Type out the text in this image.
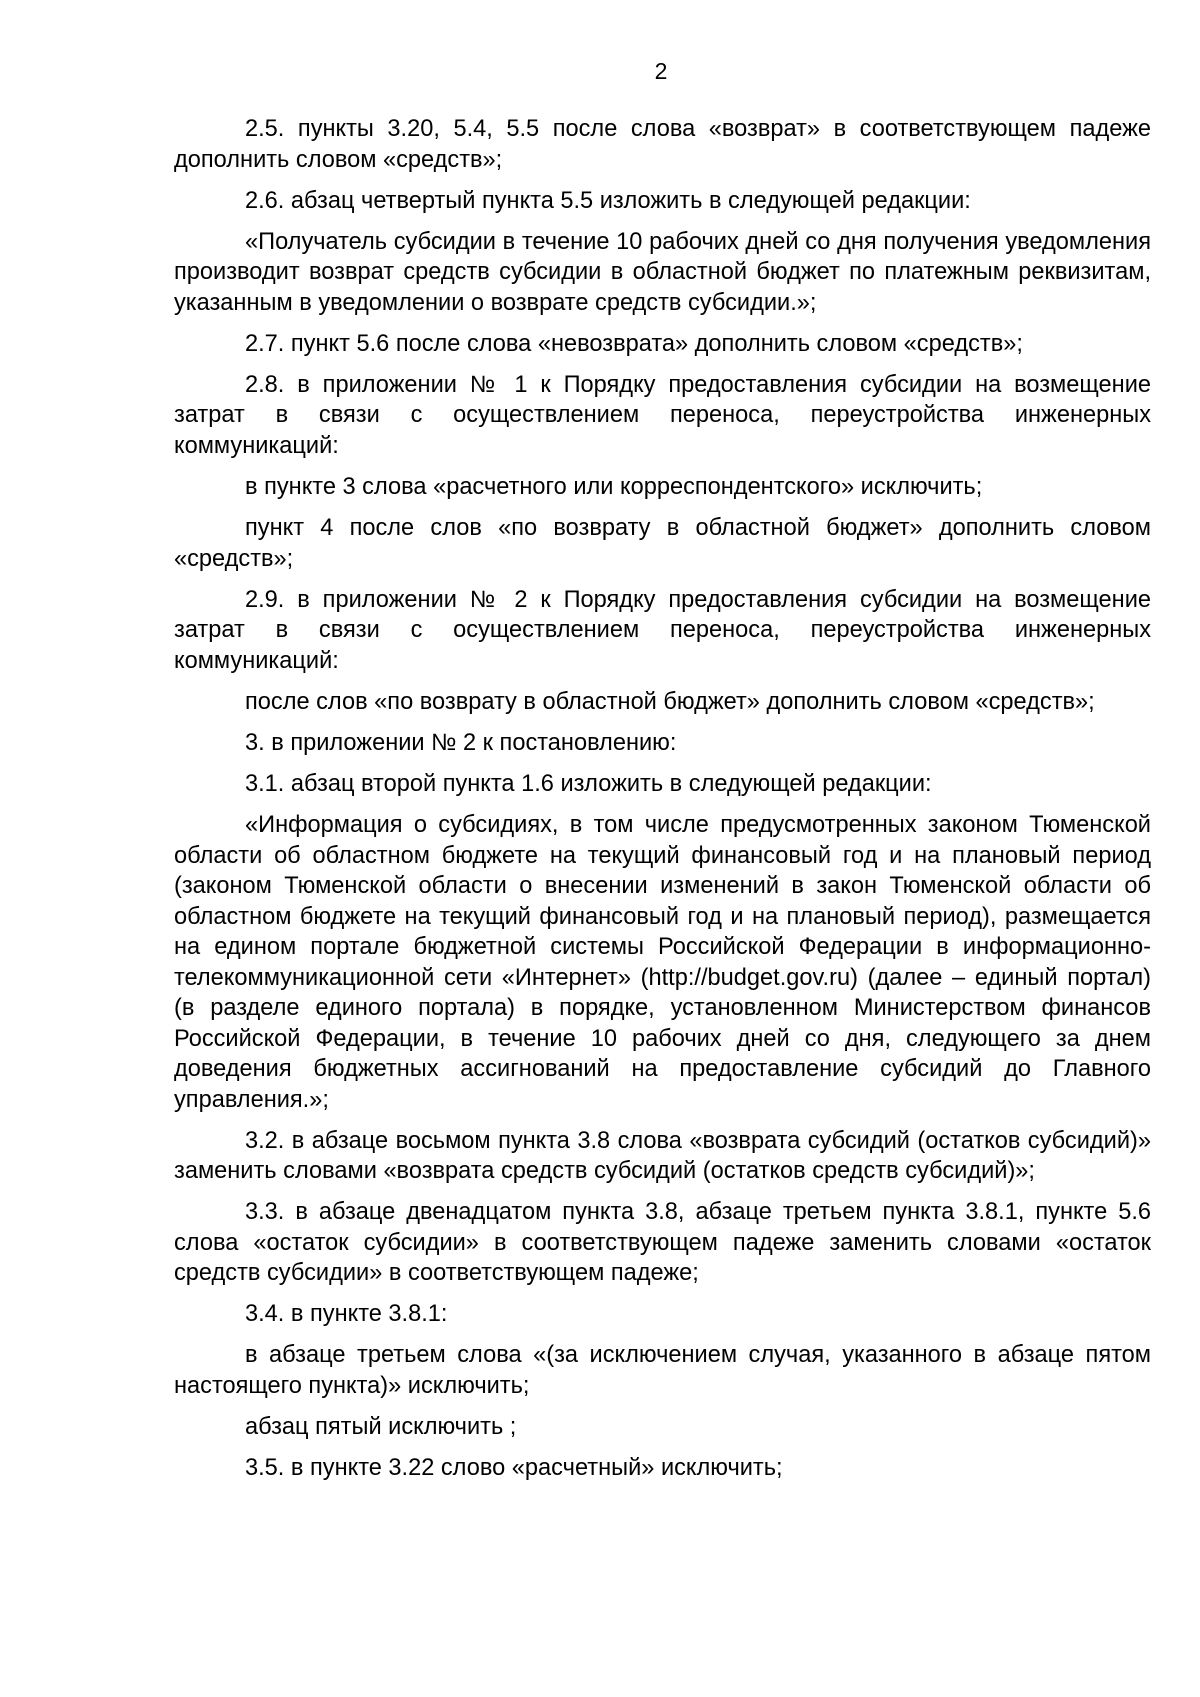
2

2.5. пункты 3.20, 5.4, 5.5 после слова «возврат» в соответствующем падеже дополнить словом «средств»;

2.6. абзац четвертый пункта 5.5 изложить в следующей редакции:

«Получатель субсидии в течение 10 рабочих дней со дня получения уведомления производит возврат средств субсидии в областной бюджет по платежным реквизитам, указанным в уведомлении о возврате средств субсидии.»;

2.7. пункт 5.6 после слова «невозврата» дополнить словом «средств»;

2.8. в приложении № 1 к Порядку предоставления субсидии на возмещение затрат в связи с осуществлением переноса, переустройства инженерных коммуникаций:

в пункте 3 слова «расчетного или корреспондентского» исключить;

пункт 4 после слов «по возврату в областной бюджет» дополнить словом «средств»;

2.9. в приложении № 2 к Порядку предоставления субсидии на возмещение затрат в связи с осуществлением переноса, переустройства инженерных коммуникаций:

после слов «по возврату в областной бюджет» дополнить словом «средств»;

3. в приложении № 2 к постановлению:

3.1. абзац второй пункта 1.6 изложить в следующей редакции:

«Информация о субсидиях, в том числе предусмотренных законом Тюменской области об областном бюджете на текущий финансовый год и на плановый период (законом Тюменской области о внесении изменений в закон Тюменской области об областном бюджете на текущий финансовый год и на плановый период), размещается на едином портале бюджетной системы Российской Федерации в информационно-телекоммуникационной сети «Интернет» (http://budget.gov.ru) (далее – единый портал) (в разделе единого портала) в порядке, установленном Министерством финансов Российской Федерации, в течение 10 рабочих дней со дня, следующего за днем доведения бюджетных ассигнований на предоставление субсидий до Главного управления.»;

3.2. в абзаце восьмом пункта 3.8 слова «возврата субсидий (остатков субсидий)» заменить словами «возврата средств субсидий (остатков средств субсидий)»;

3.3. в абзаце двенадцатом пункта 3.8, абзаце третьем пункта 3.8.1, пункте 5.6 слова «остаток субсидии» в соответствующем падеже заменить словами «остаток средств субсидии» в соответствующем падеже;

3.4. в пункте 3.8.1:

в абзаце третьем слова «(за исключением случая, указанного в абзаце пятом настоящего пункта)» исключить;

абзац пятый исключить ;

3.5. в пункте 3.22 слово «расчетный» исключить;
